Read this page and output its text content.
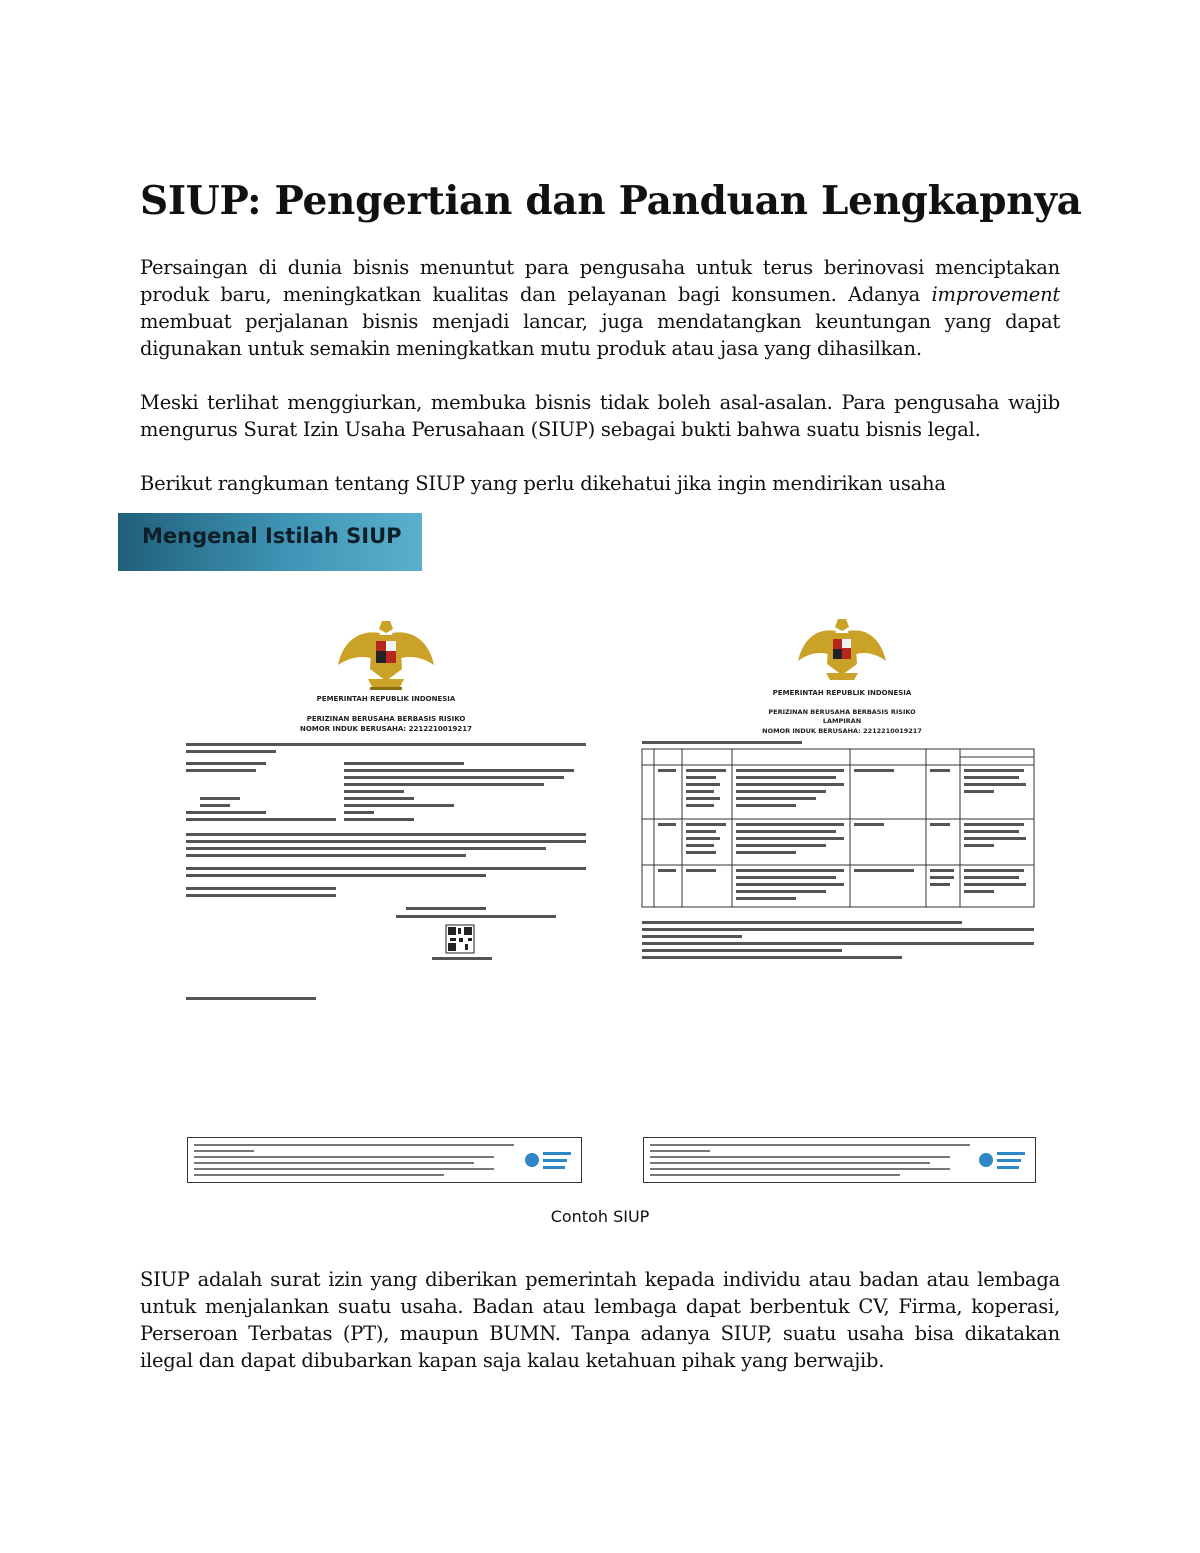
SIUP: Pengertian dan Panduan Lengkapnya

Persaingan di dunia bisnis menuntut para pengusaha untuk terus berinovasi menciptakan produk baru, meningkatkan kualitas dan pelayanan bagi konsumen. Adanya improvement membuat perjalanan bisnis menjadi lancar, juga mendatangkan keuntungan yang dapat digunakan untuk semakin meningkatkan mutu produk atau jasa yang dihasilkan.

Meski terlihat menggiurkan, membuka bisnis tidak boleh asal-asalan. Para pengusaha wajib mengurus Surat Izin Usaha Perusahaan (SIUP) sebagai bukti bahwa suatu bisnis legal.

Berikut rangkuman tentang SIUP yang perlu dikehatui jika ingin mendirikan usaha

Mengenal Istilah SIUP
PEMERINTAH REPUBLIK INDONESIA
PERIZINAN BERUSAHA BERBASIS RISIKO
NOMOR INDUK BERUSAHA: 2212210019217
PEMERINTAH REPUBLIK INDONESIA
PERIZINAN BERUSAHA BERBASIS RISIKO
LAMPIRAN
NOMOR INDUK BERUSAHA: 2212210019217
Contoh SIUP

SIUP adalah surat izin yang diberikan pemerintah kepada individu atau badan atau lembaga untuk menjalankan suatu usaha. Badan atau lembaga dapat berbentuk CV, Firma, koperasi, Perseroan Terbatas (PT), maupun BUMN. Tanpa adanya SIUP, suatu usaha bisa dikatakan ilegal dan dapat dibubarkan kapan saja kalau ketahuan pihak yang berwajib.
